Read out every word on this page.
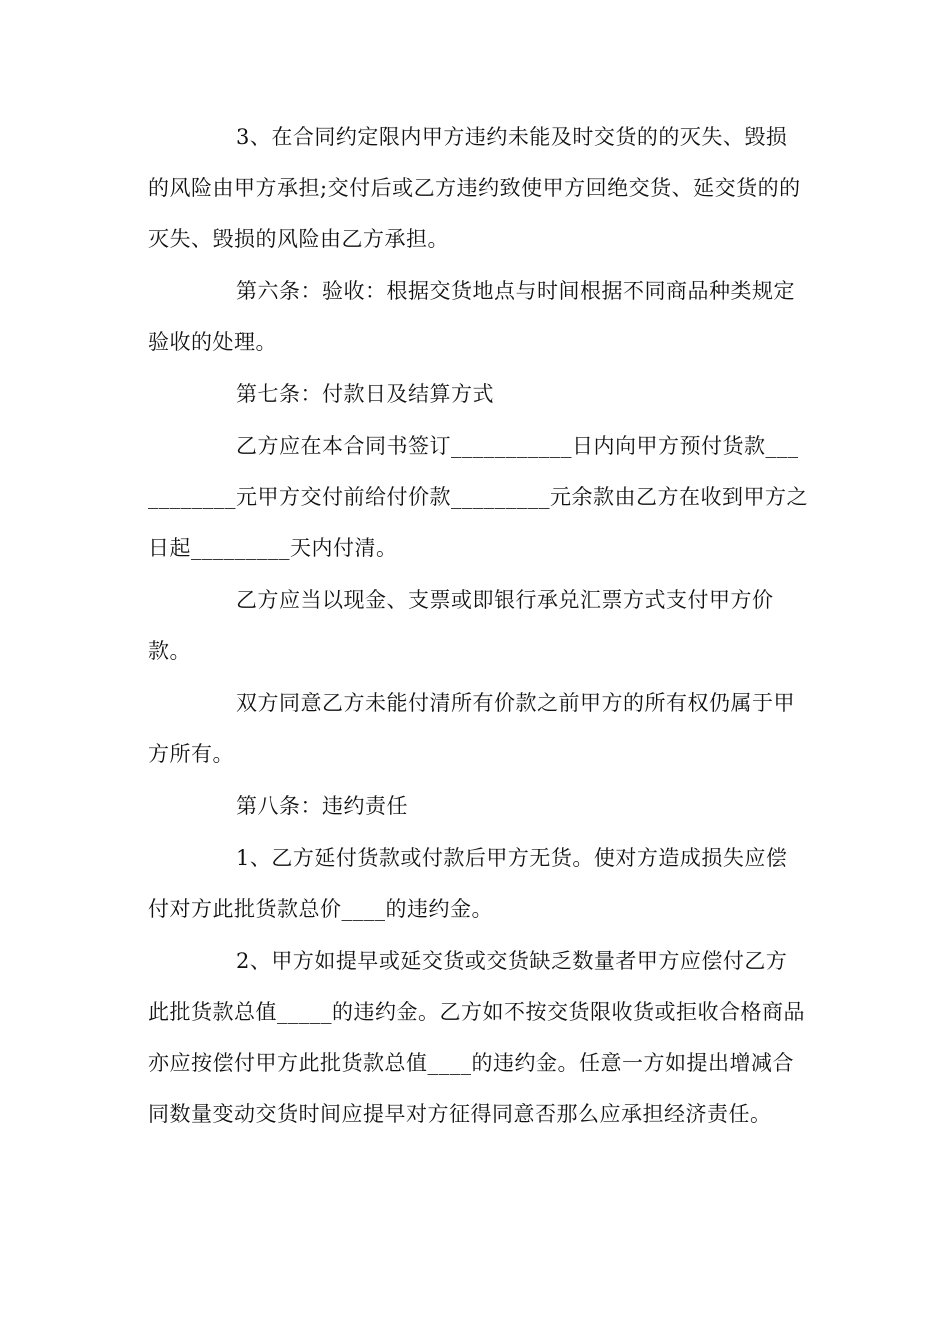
3、在合同约定限内甲方违约未能及时交货的的灭失、毁损的风险由甲方承担;交付后或乙方违约致使甲方回绝交货、延交货的的灭失、毁损的风险由乙方承担。

第六条：验收：根据交货地点与时间根据不同商品种类规定验收的处理。

第七条：付款日及结算方式

乙方应在本合同书签订___________日内向甲方预付货款___________元甲方交付前给付价款_________元余款由乙方在收到甲方之日起_________天内付清。

乙方应当以现金、支票或即银行承兑汇票方式支付甲方价款。

双方同意乙方未能付清所有价款之前甲方的所有权仍属于甲方所有。

第八条：违约责任

1、乙方延付货款或付款后甲方无货。使对方造成损失应偿付对方此批货款总价____的违约金。

2、甲方如提早或延交货或交货缺乏数量者甲方应偿付乙方此批货款总值_____的违约金。乙方如不按交货限收货或拒收合格商品亦应按偿付甲方此批货款总值____的违约金。任意一方如提出增减合同数量变动交货时间应提早对方征得同意否那么应承担经济责任。
